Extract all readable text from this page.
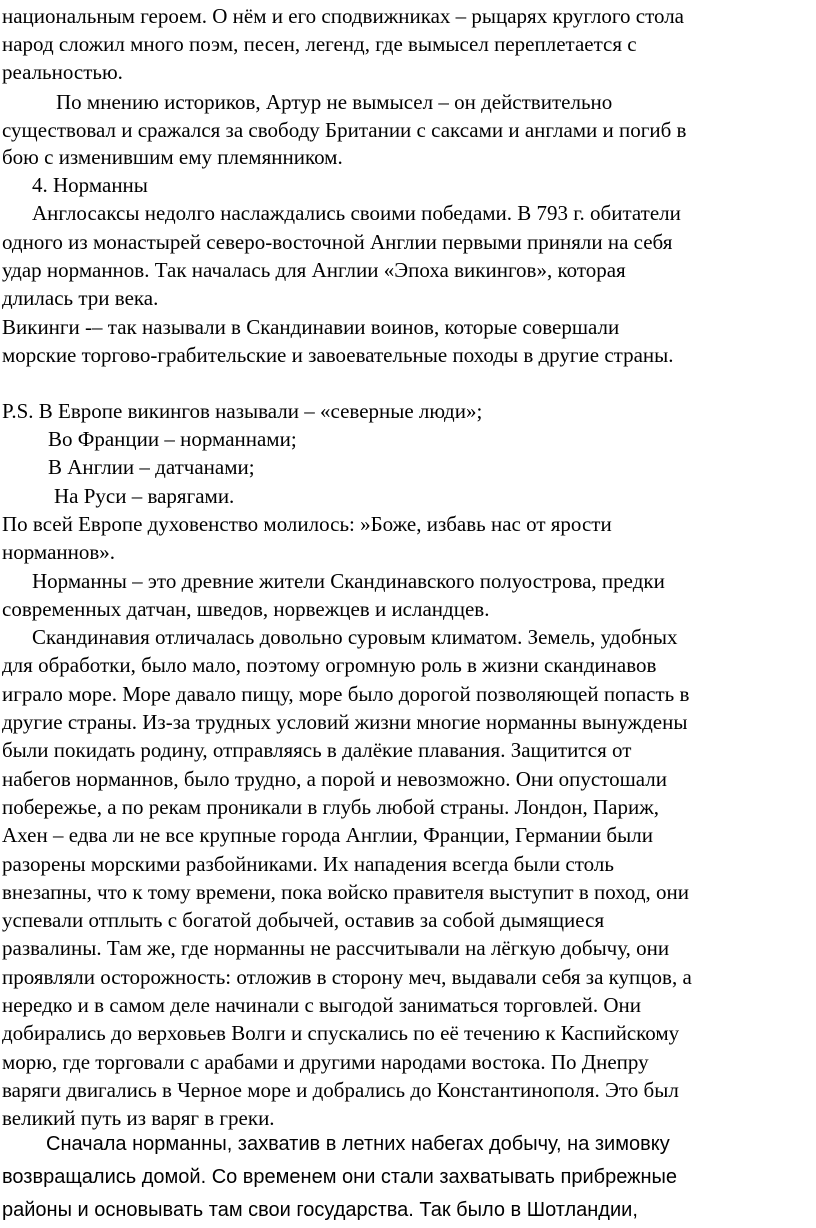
национальным героем. О нём и его сподвижниках – рыцарях круглого стола
народ сложил много поэм, песен, легенд, где вымысел переплетается с
реальностью.
По мнению историков, Артур не вымысел – он действительно
существовал и сражался за свободу Британии с саксами и англами и погиб в
бою с изменившим ему племянником.
4. Норманны
Англосаксы недолго наслаждались своими победами. В 793 г. обитатели
одного из монастырей северо-восточной Англии первыми приняли на себя
удар норманнов. Так началась для Англии «Эпоха викингов», которая
длилась три века.
Викинги -– так называли в Скандинавии воинов, которые совершали
морские торгово-грабительские и завоевательные походы в другие страны.
P.S. В Европе викингов называли – «северные люди»;
Во Франции – норманнами;
В Англии – датчанами;
На Руси – варягами.
По всей Европе духовенство молилось: »Боже, избавь нас от ярости
норманнов».
Норманны – это древние жители Скандинавского полуострова, предки
современных датчан, шведов, норвежцев и исландцев.
Скандинавия отличалась довольно суровым климатом. Земель, удобных
для обработки, было мало, поэтому огромную роль в жизни скандинавов
играло море. Море давало пищу, море было дорогой позволяющей попасть в
другие страны. Из-за трудных условий жизни многие норманны вынуждены
были покидать родину, отправляясь в далёкие плавания. Защитится от
набегов норманнов, было трудно, а порой и невозможно. Они опустошали
побережье, а по рекам проникали в глубь любой страны. Лондон, Париж,
Ахен – едва ли не все крупные города Англии, Франции, Германии были
разорены морскими разбойниками. Их нападения всегда были столь
внезапны, что к тому времени, пока войско правителя выступит в поход, они
успевали отплыть с богатой добычей, оставив за собой дымящиеся
развалины. Там же, где норманны не рассчитывали на лёгкую добычу, они
проявляли осторожность: отложив в сторону меч, выдавали себя за купцов, а
нередко и в самом деле начинали с выгодой заниматься торговлей. Они
добирались до верховьев Волги и спускались по её течению к Каспийскому
морю, где торговали с арабами и другими народами востока. По Днепру
варяги двигались в Черное море и добрались до Константинополя. Это был
великий путь из варяг в греки.
Сначала норманны, захватив в летних набегах добычу, на зимовку
возвращались домой. Со временем они стали захватывать прибрежные
районы и основывать там свои государства. Так было в Шотландии,
